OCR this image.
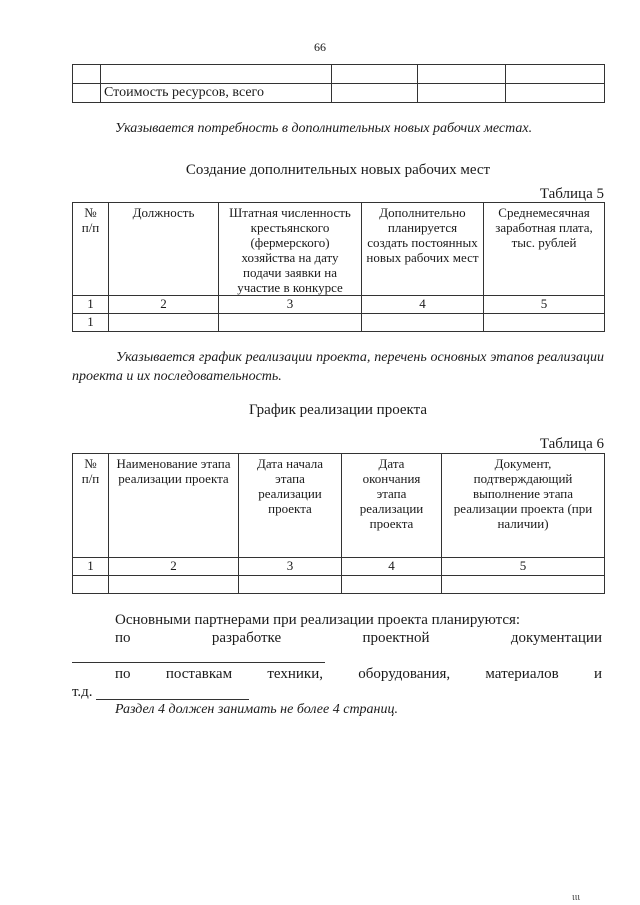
66

	Стоимость ресурсов, всего			
Указывается потребность в дополнительных новых рабочих местах.
Создание дополнительных новых рабочих мест
Таблица 5
№ п/п	Должность	Штатная численность крестьянского (фермерского) хозяйства на дату подачи заявки на участие в конкурсе	Дополнительно планируется создать постоянных новых рабочих мест	Среднемесячная заработная плата, тыс. рублей
1	2	3	4	5
1				
Указывается график реализации проекта, перечень основных этапов реализации проекта и их последовательность.
График реализации проекта
Таблица 6
№ п/п	Наименование этапа реализации проекта	Дата начала этапа реализации проекта	Дата окончания этапа реализации проекта	Документ, подтверждающий выполнение этапа реализации проекта (при наличии)
1	2	3	4	5

Основными партнерами при реализации проекта планируются:
по	разработке	проектной	документации
по поставкам техники, оборудования, материалов и
т.д.
Раздел 4 должен занимать не более 4 страниц.
ιιι
